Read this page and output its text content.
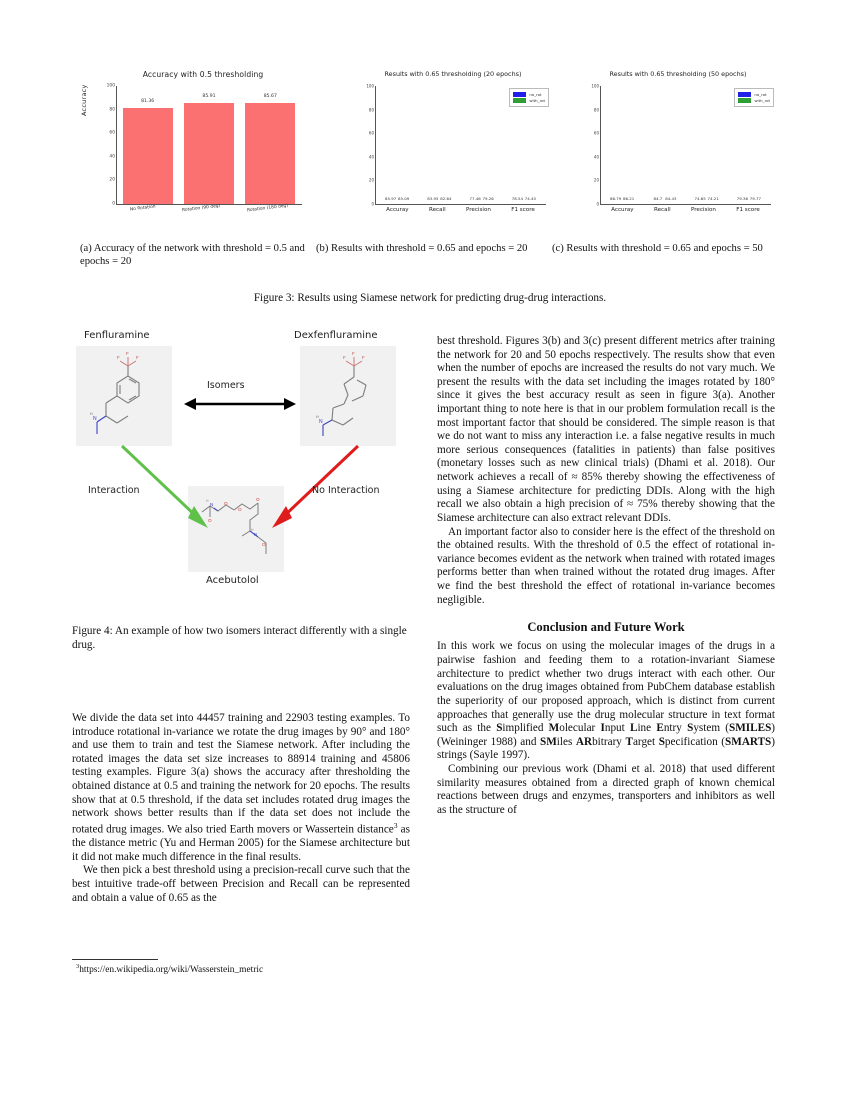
Accuracy with 0.5 thresholding
Accuracy
0
20
40
60
80
100
81.36
85.91	85.67
No Rotation	Rotation (90 deg)	Rotation (180 deg)
Results with 0.65 thresholding (20 epochs)
0
20
40
60
80
100
85.97 85.09	83.95 82.64	77.46 79.26	78.54 74.45
no_rot
with_rot
Accuray	Recall	Precision	F1 score
Results with 0.65 thresholding (50 epochs)
0
20
40
60
80
100
86.79 86.21	84.7 84.43	74.65 74.21	79.36 79.77
no_rot
with_rot
Accuray	Recall	Precision	F1 score
(a) Accuracy of the network with threshold = 0.5 and epochs = 20
(b) Results with threshold = 0.65 and epochs = 20	(c) Results with threshold = 0.65 and epochs = 50
Figure 3: Results using Siamese network for predicting drug-drug interactions.
Fenfluramine	Dexfenfluramine
F	F
F
N
H
F	F
F
N
H
N
H
N
H
O
O
O
O
O
Acebutolol
Isomers
Interaction	No Interaction
Figure 4: An example of how two isomers interact differently with a single drug.

We divide the data set into 44457 training and 22903 testing examples. To introduce rotational in-variance we rotate the drug images by 90° and 180° and use them to train and test the Siamese network. After including the rotated images the data set size increases to 88914 training and 45806 testing examples. Figure 3(a) shows the accuracy after thresholding the obtained distance at 0.5 and training the network for 20 epochs. The results show that at 0.5 threshold, if the data set includes rotated drug images the network shows better results than if the data set does not include the rotated drug images. We also tried Earth movers or Wassertein distance$^3$ as the distance metric (Yu and Herman 2005) for the Siamese architecture but it did not make much difference in the final results.

We then pick a best threshold using a precision-recall curve such that the best intuitive trade-off between Precision and Recall can be represented and obtain a value of 0.65 as the

$^3$https://en.wikipedia.org/wiki/Wasserstein_metric

best threshold. Figures 3(b) and 3(c) present different metrics after training the network for 20 and 50 epochs respectively. The results show that even when the number of epochs are increased the results do not vary much. We present the results with the data set including the images rotated by 180° since it gives the best accuracy result as seen in figure 3(a). Another important thing to note here is that in our problem formulation recall is the most important factor that should be considered. The simple reason is that we do not want to miss any interaction i.e. a false negative results in much more serious consequences (fatalities in patients) than false positives (monetary losses such as new clinical trials) (Dhami et al. 2018). Our network achieves a recall of ≈ 85% thereby showing the effectiveness of using a Siamese architecture for predicting DDIs. Along with the high recall we also obtain a high precision of ≈ 75% thereby showing that the Siamese architecture can also extract relevant DDIs.

An important factor also to consider here is the effect of the threshold on the obtained results. With the threshold of 0.5 the effect of rotational in-variance becomes evident as the network when trained with rotated images performs better than when trained without the rotated drug images. After we find the best threshold the effect of rotational in-variance becomes negligible.

Conclusion and Future Work

In this work we focus on using the molecular images of the drugs in a pairwise fashion and feeding them to a rotation-invariant Siamese architecture to predict whether two drugs interact with each other. Our evaluations on the drug images obtained from PubChem database establish the superiority of our proposed approach, which is distinct from current approaches that generally use the drug molecular structure in text format such as the Simplified Molecular Input Line Entry System (SMILES) (Weininger 1988) and SMiles ARbitrary Target Specification (SMARTS) strings (Sayle 1997).

Combining our previous work (Dhami et al. 2018) that used different similarity measures obtained from a directed graph of known chemical reactions between drugs and enzymes, transporters and inhibitors as well as the structure of
